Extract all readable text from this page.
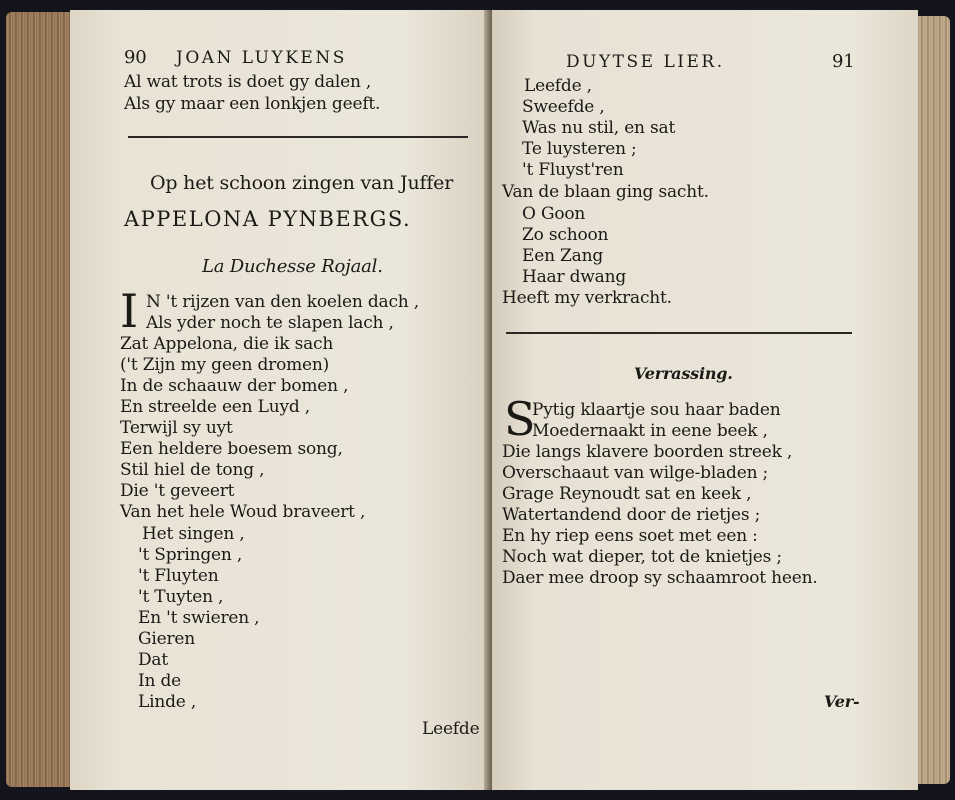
90 JOAN LUYKENS
Al wat trots is doet gy dalen ,
Als gy maar een lonkjen geeft.
Op het schoon zingen van Juffer
APPELONA PYNBERGS.
La Duchesse Rojaal.
I N 't rijzen van den koelen dach ,
Als yder noch te slapen lach ,
Zat Appelona, die ik sach
('t Zijn my geen dromen)
In de schaauw der bomen ,
En streelde een Luyd ,
Terwijl sy uyt
Een heldere boesem song,
Stil hiel de tong ,
Die 't geveert
Van het hele Woud braveert ,
Het singen ,
't Springen ,
't Fluyten
't Tuyten ,
En 't swieren ,
Gieren
Dat
In de
Linde ,
Leefde
DUYTSE LIER.	91
Leefde ,
Sweefde ,
Was nu stil, en sat
Te luysteren ;
't Fluyst'ren
Van de blaan ging sacht.
O Goon
Zo schoon
Een Zang
Haar dwang
Heeft my verkracht.
Verrassing.
S
Pytig klaartje sou haar baden
Moedernaakt in eene beek ,
Die langs klavere boorden streek ,
Overschaaut van wilge-bladen ;
Grage Reynoudt sat en keek ,
Watertandend door de rietjes ;
En hy riep eens soet met een :
Noch wat dieper, tot de knietjes ;
Daer mee droop sy schaamroot heen.
Ver-
